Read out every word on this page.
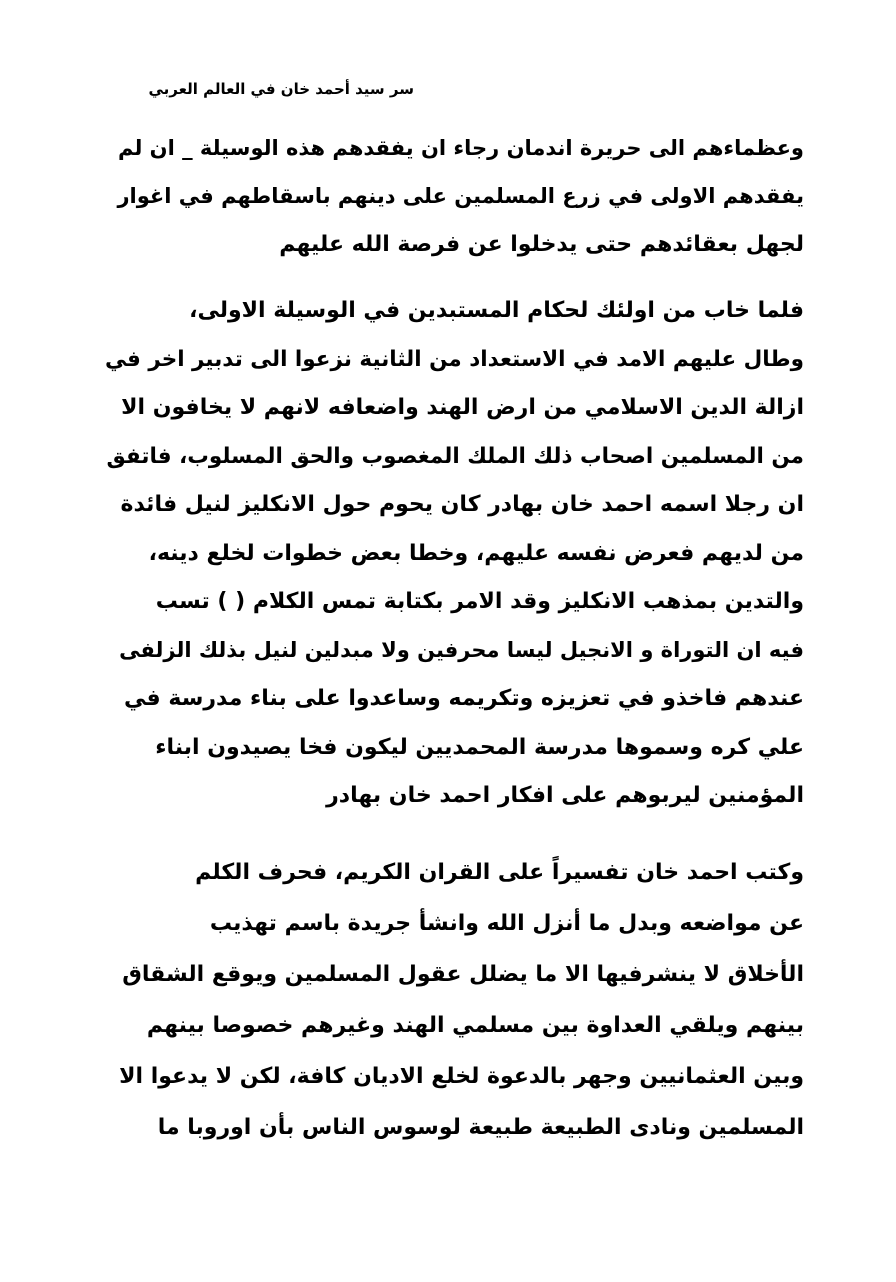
سر سيد أحمد خان في العالم العربي
وعظماءهم الى حريرة اندمان رجاء ان يفقدهم هذه الوسيلة _ ان لم
يفقدهم الاولى في زرع المسلمين على دينهم باسقاطهم في اغوار
لجهل بعقائدهم حتى يدخلوا عن فرصة الله عليهم
فلما خاب من اولئك لحكام المستبدين في الوسيلة الاولى،
وطال عليهم الامد في الاستعداد من الثانية نزعوا الى تدبير اخر في
ازالة الدين الاسلامي من ارض الهند واضعافه لانهم لا يخافون الا
من المسلمين اصحاب ذلك الملك المغصوب والحق المسلوب، فاتفق
ان رجلا اسمه احمد خان بهادر كان يحوم حول الانكليز لنيل فائدة
من لديهم فعرض نفسه عليهم، وخطا بعض خطوات لخلع دينه،
والتدين بمذهب الانكليز وقد الامر بكتابة تمس الكلام ( ) تسب
فيه ان التوراة و الانجيل ليسا محرفين ولا مبدلين لنيل بذلك الزلفى
عندهم فاخذو في تعزيزه وتكريمه وساعدوا على بناء مدرسة في
علي كره وسموها مدرسة المحمديين ليكون فخا يصيدون ابناء
المؤمنين ليربوهم على افكار احمد خان بهادر
وكتب احمد خان تفسيراً على القران الكريم، فحرف الكلم
عن مواضعه وبدل ما أنزل الله وانشأ جريدة باسم تهذيب
الأخلاق لا ينشرفيها الا ما يضلل عقول المسلمين ويوقع الشقاق
بينهم ويلقي العداوة بين مسلمي الهند وغيرهم خصوصا بينهم
وبين العثمانيين وجهر بالدعوة لخلع الاديان كافة، لكن لا يدعوا الا
المسلمين ونادى الطبيعة طبيعة لوسوس الناس بأن اوروبا ما
